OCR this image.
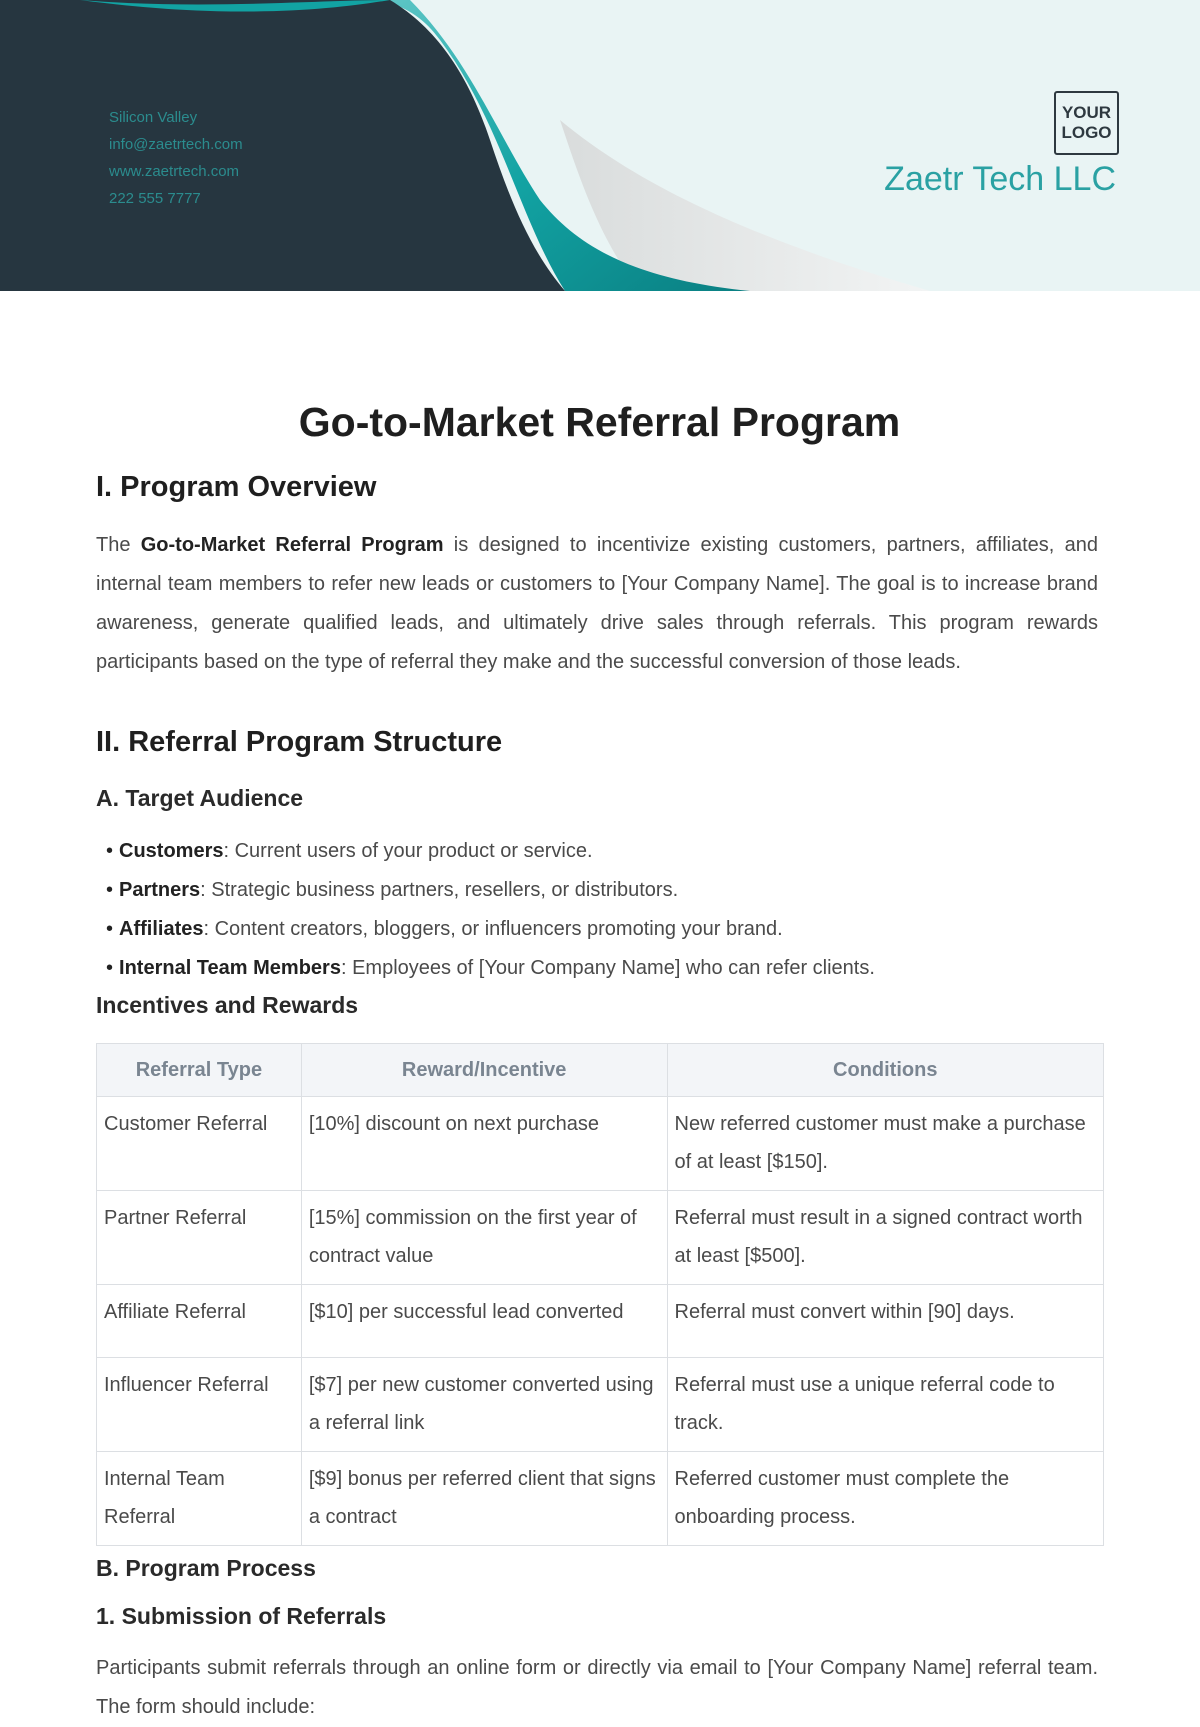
Silicon Valley
info@zaetrtech.com
www.zaetrtech.com
222 555 7777
YOUR LOGO
Zaetr Tech LLC
Go-to-Market Referral Program
I. Program Overview

The Go-to-Market Referral Program is designed to incentivize existing customers, partners, affiliates, and internal team members to refer new leads or customers to [Your Company Name]. The goal is to increase brand awareness, generate qualified leads, and ultimately drive sales through referrals. This program rewards participants based on the type of referral they make and the successful conversion of those leads.

II. Referral Program Structure
A. Target Audience
• Customers: Current users of your product or service.
• Partners: Strategic business partners, resellers, or distributors.
• Affiliates: Content creators, bloggers, or influencers promoting your brand.
• Internal Team Members: Employees of [Your Company Name] who can refer clients.
Incentives and Rewards
Referral Type	Reward/Incentive	Conditions
Customer Referral	[10%] discount on next purchase	New referred customer must make a purchase of at least [$150].
Partner Referral	[15%] commission on the first year of contract value	Referral must result in a signed contract worth at least [$500].
Affiliate Referral	[$10] per successful lead converted	Referral must convert within [90] days.
Influencer Referral	[$7] per new customer converted using a referral link	Referral must use a unique referral code to track.
Internal Team Referral	[$9] bonus per referred client that signs a contract	Referred customer must complete the onboarding process.
B. Program Process
1. Submission of Referrals

Participants submit referrals through an online form or directly via email to [Your Company Name] referral team. The form should include:
